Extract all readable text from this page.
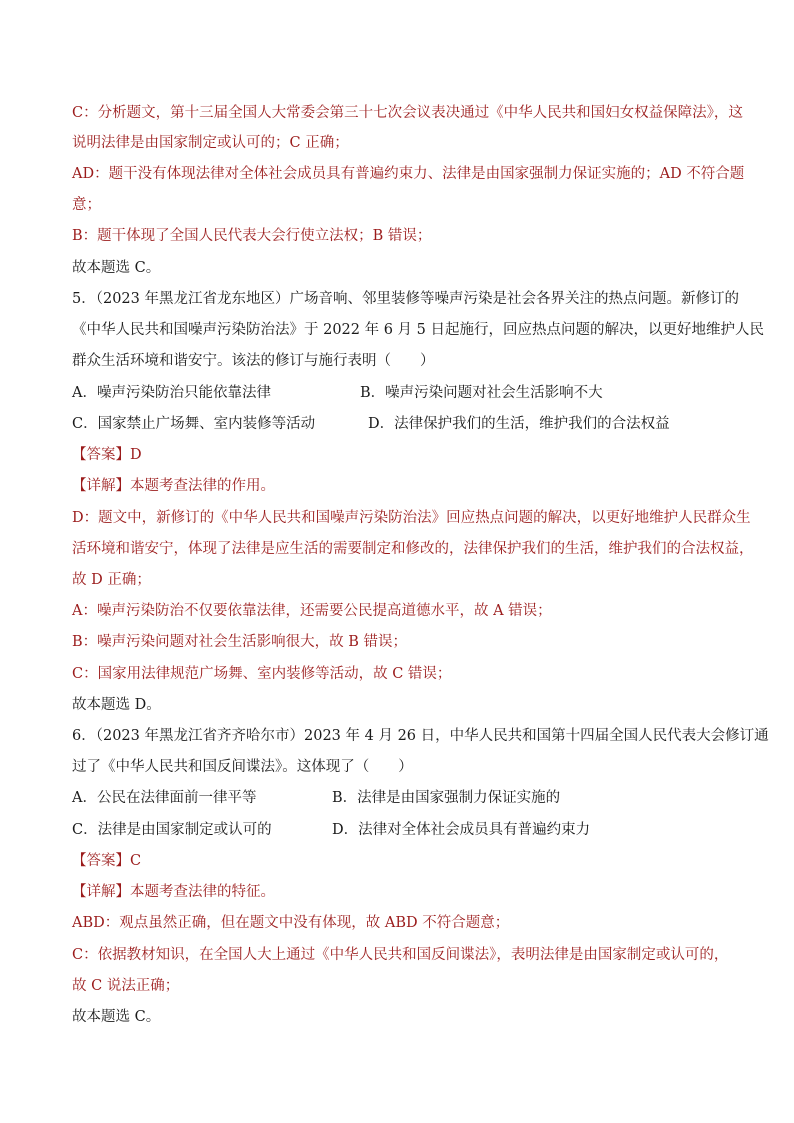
C：分析题文，第十三届全国人大常委会第三十七次会议表决通过《中华人民共和国妇女权益保障法》，这
说明法律是由国家制定或认可的；C 正确；
AD：题干没有体现法律对全体社会成员具有普遍约束力、法律是由国家强制力保证实施的；AD 不符合题
意；
B：题干体现了全国人民代表大会行使立法权；B 错误；
故本题选 C。
5．（2023 年黑龙江省龙东地区）广场音响、邻里装修等噪声污染是社会各界关注的热点问题。新修订的
《中华人民共和国噪声污染防治法》于 2022 年 6 月 5 日起施行，回应热点问题的解决，以更好地维护人民
群众生活环境和谐安宁。该法的修订与施行表明（　　）
A．噪声污染防治只能依靠法律	B．噪声污染问题对社会生活影响不大
C．国家禁止广场舞、室内装修等活动	D．法律保护我们的生活，维护我们的合法权益
【答案】D
【详解】本题考查法律的作用。
D：题文中，新修订的《中华人民共和国噪声污染防治法》回应热点问题的解决，以更好地维护人民群众生
活环境和谐安宁，体现了法律是应生活的需要制定和修改的，法律保护我们的生活，维护我们的合法权益，
故 D 正确；
A：噪声污染防治不仅要依靠法律，还需要公民提高道德水平，故 A 错误；
B：噪声污染问题对社会生活影响很大，故 B 错误；
C：国家用法律规范广场舞、室内装修等活动，故 C 错误；
故本题选 D。
6．（2023 年黑龙江省齐齐哈尔市）2023 年 4 月 26 日，中华人民共和国第十四届全国人民代表大会修订通
过了《中华人民共和国反间谍法》。这体现了（　　）
A．公民在法律面前一律平等	B．法律是由国家强制力保证实施的
C．法律是由国家制定或认可的	D．法律对全体社会成员具有普遍约束力
【答案】C
【详解】本题考查法律的特征。
ABD：观点虽然正确，但在题文中没有体现，故 ABD 不符合题意；
C：依据教材知识，在全国人大上通过《中华人民共和国反间谍法》，表明法律是由国家制定或认可的，
故 C 说法正确；
故本题选 C。
